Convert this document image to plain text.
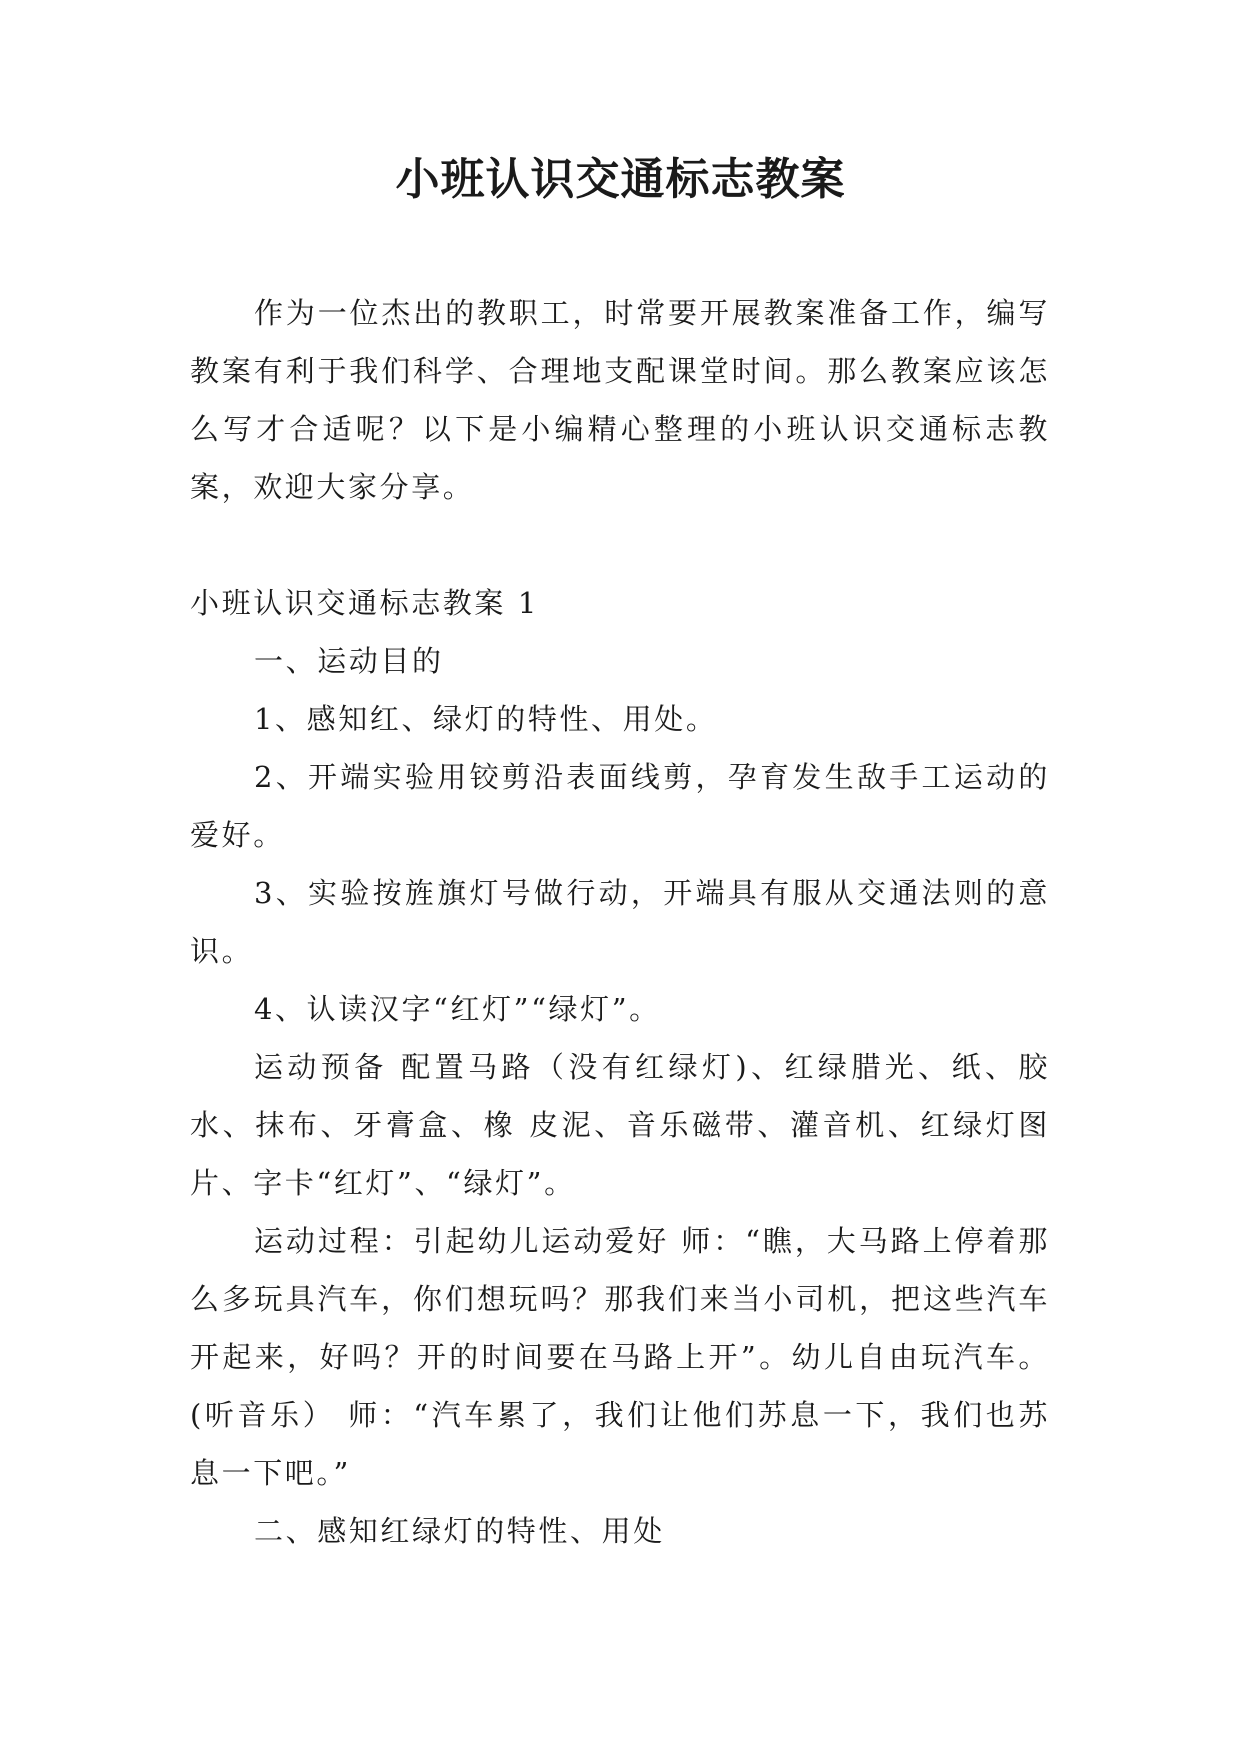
小班认识交通标志教案

作为一位杰出的教职工，时常要开展教案准备工作，编写教案有利于我们科学、合理地支配课堂时间。那么教案应该怎么写才合适呢？以下是小编精心整理的小班认识交通标志教案，欢迎大家分享。

小班认识交通标志教案 1

一、运动目的

1、感知红、绿灯的特性、用处。

2、开端实验用铰剪沿表面线剪，孕育发生敌手工运动的爱好。

3、实验按旌旗灯号做行动，开端具有服从交通法则的意识。

4、认读汉字“红灯”“绿灯”。

运动预备 配置马路（没有红绿灯)、红绿腊光、纸、胶水、抹布、牙膏盒、橡 皮泥、音乐磁带、灌音机、红绿灯图片、字卡“红灯”、“绿灯”。

运动过程：引起幼儿运动爱好 师：“瞧，大马路上停着那么多玩具汽车，你们想玩吗？那我们来当小司机，把这些汽车开起来，好吗？开的时间要在马路上开”。幼儿自由玩汽车。(听音乐） 师：“汽车累了，我们让他们苏息一下，我们也苏息一下吧。”

二、感知红绿灯的特性、用处
